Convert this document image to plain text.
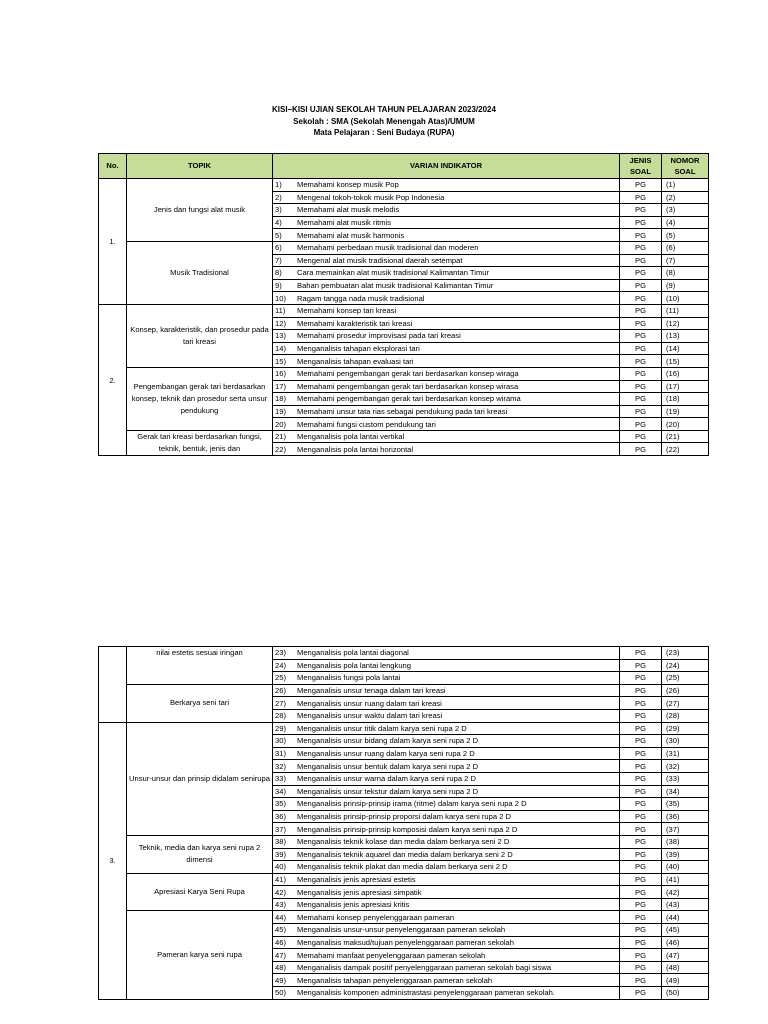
KISI–KISI UJIAN SEKOLAH TAHUN PELAJARAN 2023/2024
Sekolah : SMA (Sekolah Menengah Atas)/UMUM
Mata Pelajaran : Seni Budaya (RUPA)
No.	TOPIK	VARIAN INDIKATOR	JENIS SOAL	NOMOR SOAL
1.	Jenis dan fungsi alat musik	1) Memahami konsep musik Pop	PG	(1)
		2) Mengenal tokoh-tokok musik Pop Indonesia	PG	(2)
		3) Memahami alat musik melodis	PG	(3)
		4) Memahami alat musik ritmis	PG	(4)
		5) Memahami alat musik harmonis	PG	(5)
	Musik Tradisional	6) Memahami perbedaan musik tradisional dan moderen	PG	(6)
		7) Mengenal alat musik tradisional daerah setempat	PG	(7)
		8) Cara memainkan alat musik tradisional Kalimantan Timur	PG	(8)
		9) Bahan pembuatan alat musik tradisional Kalimantan Timur	PG	(9)
		10) Ragam tangga nada musik tradisional	PG	(10)
2.	Konsep, karakteristik, dan prosedur pada tari kreasi	11) Memahami konsep tari kreasi	PG	(11)
		12) Memahami karakteristik tari kreasi	PG	(12)
		13) Memahami prosedur improvisasi pada tari kreasi	PG	(13)
		14) Menganalisis tahapan eksplorasi tari	PG	(14)
		15) Menganalisis tahapan evaluasi tari	PG	(15)
	Pengembangan gerak tari berdasarkan konsep, teknik dan prosedur serta unsur pendukung	16) Memahami pengembangan gerak tari berdasarkan konsep wiraga	PG	(16)
		17) Memahami pengembangan gerak tari berdasarkan konsep wirasa	PG	(17)
		18) Memahami pengembangan gerak tari berdasarkan konsep wirama	PG	(18)
		19) Memahami unsur tata rias sebagai pendukung pada tari kreasi	PG	(19)
		20) Memahami fungsi custom pendukung tari	PG	(20)
	Gerak tari kreasi berdasarkan fungsi, teknik, bentuk, jenis dan	21) Menganalisis pola lantai vertikal	PG	(21)
		22) Menganalisis pola lantai horizontal	PG	(22)
	nilai estetis sesuai iringan	23) Menganalisis pola lantai diagonal	PG	(23)
		24) Menganalisis pola lantai lengkung	PG	(24)
		25) Menganalisis fungsi pola lantai	PG	(25)
	Berkarya seni tari	26) Menganalisis unsur tenaga dalam tari kreasi	PG	(26)
		27) Menganalisis unsur ruang dalam tari kreasi	PG	(27)
		28) Menganalisis unsur waktu dalam tari kreasi	PG	(28)
3.	Unsur-unsur dan prinsip didalam senirupa	29) Menganalisis unsur titik dalam karya seni rupa 2 D	PG	(29)
		30) Menganalisis unsur bidang dalam karya seni rupa 2 D	PG	(30)
		31) Menganalisis unsur ruang dalam karya seni rupa 2 D	PG	(31)
		32) Menganalisis unsur bentuk dalam karya seni rupa 2 D	PG	(32)
		33) Menganalisis unsur warna dalam karya seni rupa 2 D	PG	(33)
		34) Menganalisis unsur tekstur dalam karya seni rupa 2 D	PG	(34)
		35) Menganalisis prinsip-prinsip irama (ritme) dalam karya seni rupa 2 D	PG	(35)
		36) Menganalisis prinsip-prinsip proporsi dalam karya seni rupa 2 D	PG	(36)
		37) Menganalisis prinsip-prinsip komposisi dalam karya seni rupa 2 D	PG	(37)
	Teknik, media dan karya seni rupa 2 dimensi	38) Menganalisis teknik kolase dan media dalam berkarya seni 2 D	PG	(38)
		39) Menganalisis teknik aquarel dan media dalam berkarya seni 2 D	PG	(39)
		40) Menganalisis teknik plakat dan media dalam berkarya seni 2 D	PG	(40)
	Apresiasi Karya Seni Rupa	41) Menganalisis jenis apresiasi estetis	PG	(41)
		42) Menganalisis jenis apresiasi simpatik	PG	(42)
		43) Menganalisis jenis apresiasi kritis	PG	(43)
	Pameran karya seni rupa	44) Memahami konsep penyelenggaraan pameran	PG	(44)
		45) Menganalisis unsur-unsur penyelenggaraan pameran sekolah	PG	(45)
		46) Menganalisis maksud/tujuan penyelenggaraan pameran sekolah	PG	(46)
		47) Memahami manfaat penyelenggaraan pameran sekolah	PG	(47)
		48) Menganalisis dampak positif penyelenggaraan pameran sekolah bagi siswa	PG	(48)
		49) Menganalisis tahapan penyelenggaraan pameran sekolah	PG	(49)
		50) Menganalisis komponen administrastasi penyelenggaraan pameran sekolah.	PG	(50)
